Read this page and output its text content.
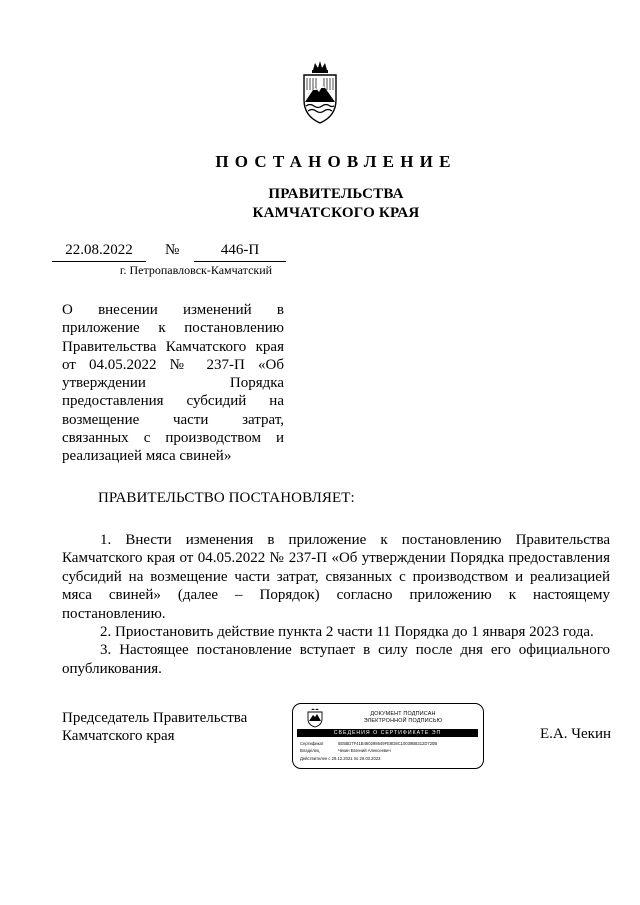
ПОСТАНОВЛЕНИЕ
ПРАВИТЕЛЬСТВА
КАМЧАТСКОГО КРАЯ
22.08.2022	№	446-П
г. Петропавловск-Камчатский
О внесении изменений в
приложение к постановлению
Правительства Камчатского края
от 04.05.2022 № 237-П «Об
утверждении Порядка
предоставления субсидий на
возмещение части затрат,
связанных с производством и
реализацией мяса свиней»
ПРАВИТЕЛЬСТВО ПОСТАНОВЛЯЕТ:

1. Внести изменения в приложение к постановлению Правительства Камчатского края от 04.05.2022 № 237-П «Об утверждении Порядка предоставления субсидий на возмещение части затрат, связанных с производством и реализацией мяса свиней» (далее – Порядок) согласно приложению к настоящему постановлению.

2. Приостановить действие пункта 2 части 11 Порядка до 1 января 2023 года.

3. Настоящее постановление вступает в силу после дня его официального опубликования.

Председатель Правительства
Камчатского края	Е.А. Чекин
ДОКУМЕНТ ПОДПИСАН
ЭЛЕКТРОННОЙ ПОДПИСЬЮ
СВЕДЕНИЯ О СЕРТИФИКАТЕ ЭП
Сертификат	5E5BD7F41B460298649FE8D8C10039B8312D720B
Владелец	Чекин Евгений Алексеевич
Действителен с 29.12.2021 по 29.03.2023
